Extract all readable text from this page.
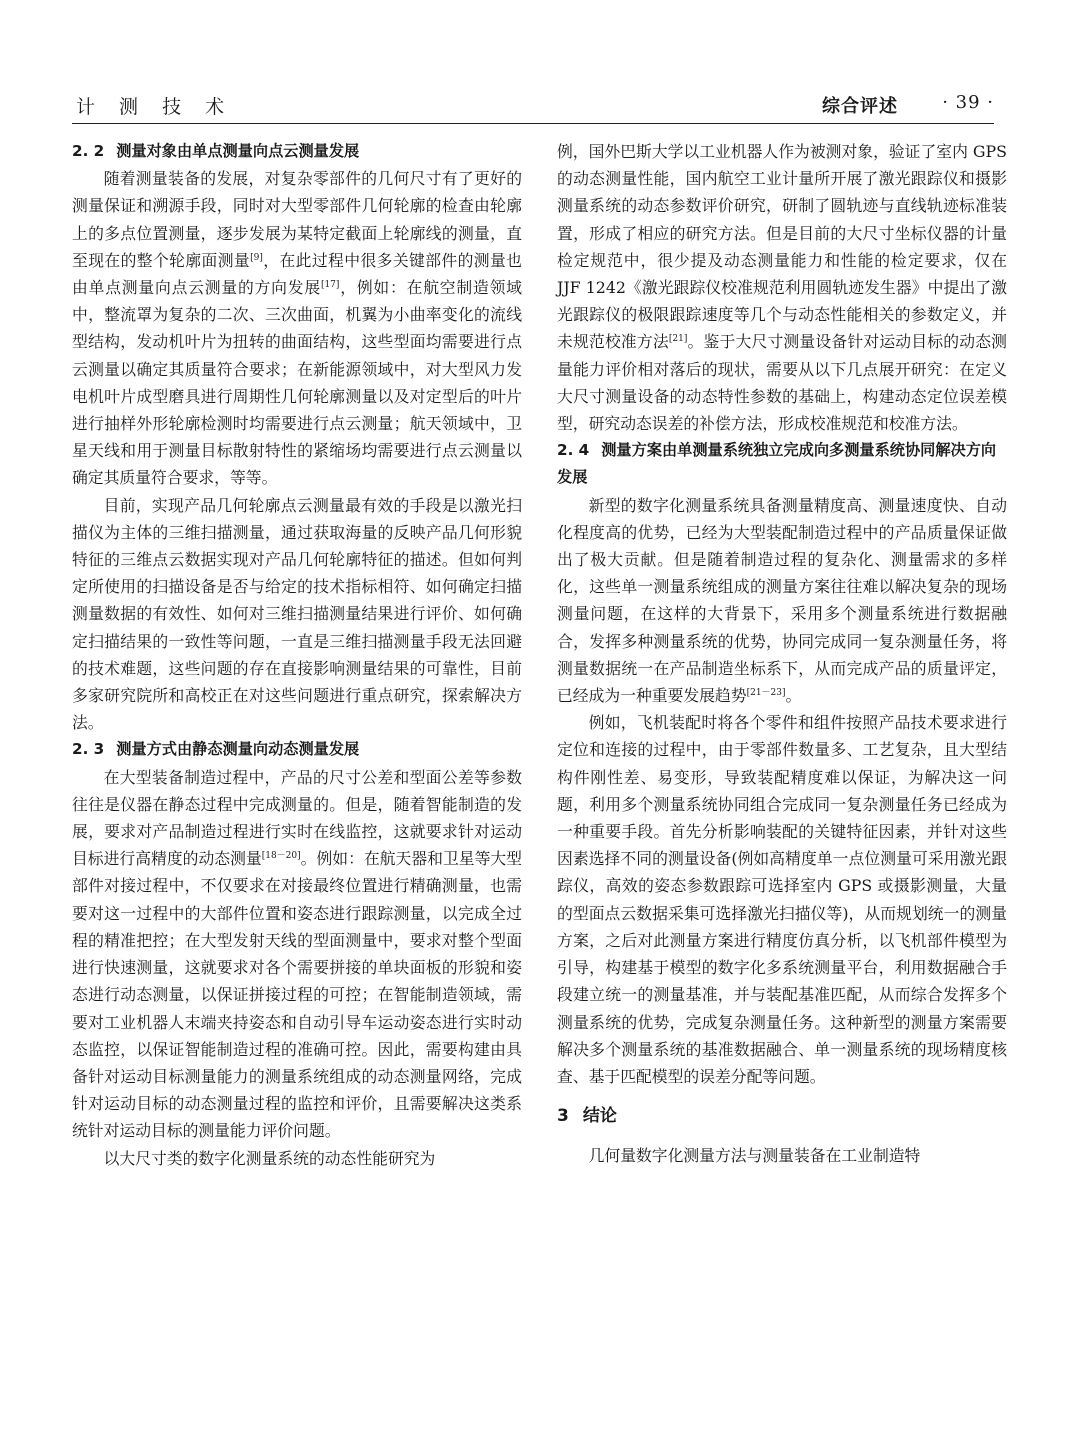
计 测 技 术	综合评述 · 39 ·
2. 2 测量对象由单点测量向点云测量发展

随着测量装备的发展，对复杂零部件的几何尺寸有了更好的测量保证和溯源手段，同时对大型零部件几何轮廓的检查由轮廓上的多点位置测量，逐步发展为某特定截面上轮廓线的测量，直至现在的整个轮廓面测量[9]，在此过程中很多关键部件的测量也由单点测量向点云测量的方向发展[17]，例如：在航空制造领域中，整流罩为复杂的二次、三次曲面，机翼为小曲率变化的流线型结构，发动机叶片为扭转的曲面结构，这些型面均需要进行点云测量以确定其质量符合要求；在新能源领域中，对大型风力发电机叶片成型磨具进行周期性几何轮廓测量以及对定型后的叶片进行抽样外形轮廓检测时均需要进行点云测量；航天领域中，卫星天线和用于测量目标散射特性的紧缩场均需要进行点云测量以确定其质量符合要求，等等。

目前，实现产品几何轮廓点云测量最有效的手段是以激光扫描仪为主体的三维扫描测量，通过获取海量的反映产品几何形貌特征的三维点云数据实现对产品几何轮廓特征的描述。但如何判定所使用的扫描设备是否与给定的技术指标相符、如何确定扫描测量数据的有效性、如何对三维扫描测量结果进行评价、如何确定扫描结果的一致性等问题，一直是三维扫描测量手段无法回避的技术难题，这些问题的存在直接影响测量结果的可靠性，目前多家研究院所和高校正在对这些问题进行重点研究，探索解决方法。

2. 3 测量方式由静态测量向动态测量发展

在大型装备制造过程中，产品的尺寸公差和型面公差等参数往往是仪器在静态过程中完成测量的。但是，随着智能制造的发展，要求对产品制造过程进行实时在线监控，这就要求针对运动目标进行高精度的动态测量[18－20]。例如：在航天器和卫星等大型部件对接过程中，不仅要求在对接最终位置进行精确测量，也需要对这一过程中的大部件位置和姿态进行跟踪测量，以完成全过程的精准把控；在大型发射天线的型面测量中，要求对整个型面进行快速测量，这就要求对各个需要拼接的单块面板的形貌和姿态进行动态测量，以保证拼接过程的可控；在智能制造领域，需要对工业机器人末端夹持姿态和自动引导车运动姿态进行实时动态监控，以保证智能制造过程的准确可控。因此，需要构建由具备针对运动目标测量能力的测量系统组成的动态测量网络，完成针对运动目标的动态测量过程的监控和评价，且需要解决这类系统针对运动目标的测量能力评价问题。

以大尺寸类的数字化测量系统的动态性能研究为

例，国外巴斯大学以工业机器人作为被测对象，验证了室内 GPS 的动态测量性能，国内航空工业计量所开展了激光跟踪仪和摄影测量系统的动态参数评价研究，研制了圆轨迹与直线轨迹标准装置，形成了相应的研究方法。但是目前的大尺寸坐标仪器的计量检定规范中，很少提及动态测量能力和性能的检定要求，仅在 JJF 1242《激光跟踪仪校准规范利用圆轨迹发生器》中提出了激光跟踪仪的极限跟踪速度等几个与动态性能相关的参数定义，并未规范校准方法[21]。鉴于大尺寸测量设备针对运动目标的动态测量能力评价相对落后的现状，需要从以下几点展开研究：在定义大尺寸测量设备的动态特性参数的基础上，构建动态定位误差模型，研究动态误差的补偿方法，形成校准规范和校准方法。

2. 4 测量方案由单测量系统独立完成向多测量系统协同解决方向发展

新型的数字化测量系统具备测量精度高、测量速度快、自动化程度高的优势，已经为大型装配制造过程中的产品质量保证做出了极大贡献。但是随着制造过程的复杂化、测量需求的多样化，这些单一测量系统组成的测量方案往往难以解决复杂的现场测量问题，在这样的大背景下，采用多个测量系统进行数据融合，发挥多种测量系统的优势，协同完成同一复杂测量任务，将测量数据统一在产品制造坐标系下，从而完成产品的质量评定，已经成为一种重要发展趋势[21－23]。

例如，飞机装配时将各个零件和组件按照产品技术要求进行定位和连接的过程中，由于零部件数量多、工艺复杂，且大型结构件刚性差、易变形，导致装配精度难以保证，为解决这一问题，利用多个测量系统协同组合完成同一复杂测量任务已经成为一种重要手段。首先分析影响装配的关键特征因素，并针对这些因素选择不同的测量设备(例如高精度单一点位测量可采用激光跟踪仪，高效的姿态参数跟踪可选择室内 GPS 或摄影测量，大量的型面点云数据采集可选择激光扫描仪等)，从而规划统一的测量方案，之后对此测量方案进行精度仿真分析，以飞机部件模型为引导，构建基于模型的数字化多系统测量平台，利用数据融合手段建立统一的测量基准，并与装配基准匹配，从而综合发挥多个测量系统的优势，完成复杂测量任务。这种新型的测量方案需要解决多个测量系统的基准数据融合、单一测量系统的现场精度核查、基于匹配模型的误差分配等问题。

3 结论

几何量数字化测量方法与测量装备在工业制造特
